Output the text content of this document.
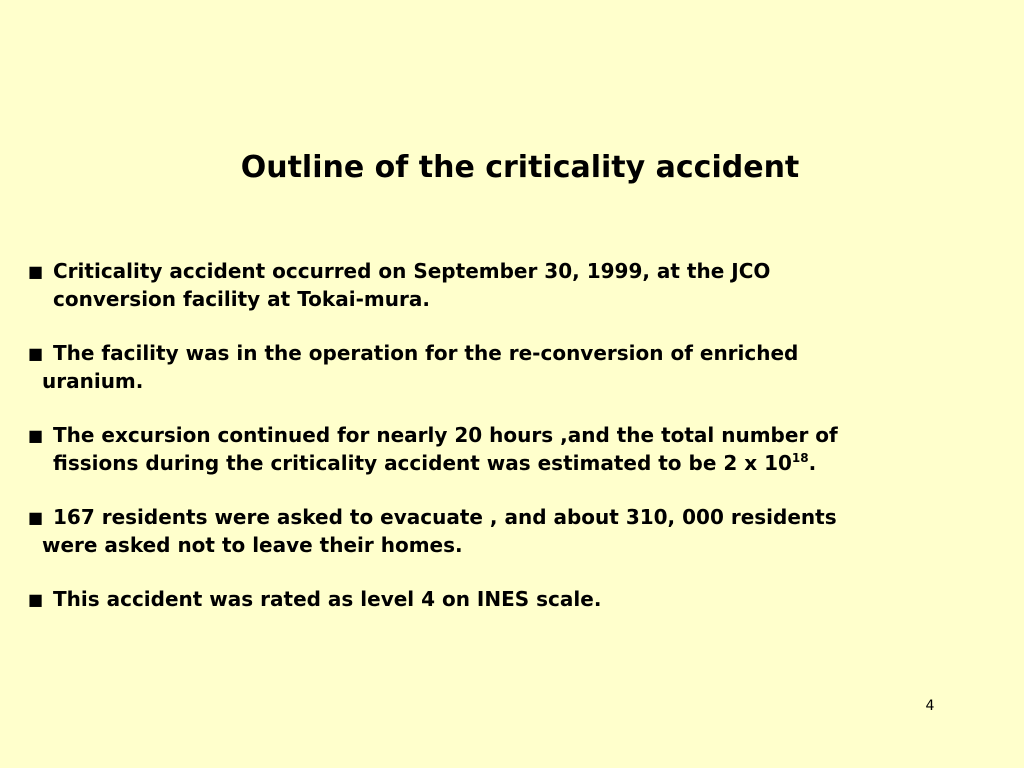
Outline of the criticality accident
■ Criticality accident occurred on September 30, 1999, at the JCO
conversion facility at Tokai-mura.
■ The facility was in the operation for the re-conversion of enriched
uranium.
■ The excursion continued for nearly 20 hours ,and the total number of
fissions during the criticality accident was estimated to be 2 x $10^{18}$.
■ 167 residents were asked to evacuate , and about 310, 000 residents
were asked not to leave their homes.
■ This accident was rated as level 4 on INES scale.
4
